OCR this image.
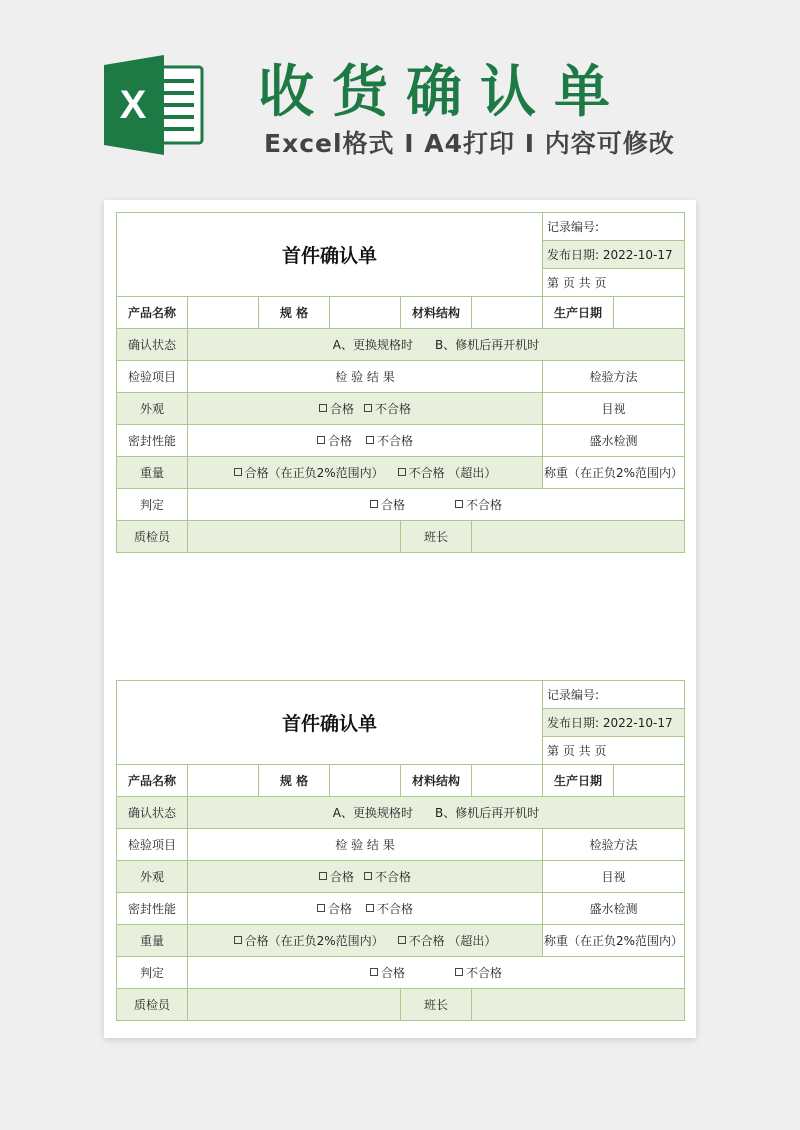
X 收货确认单
Excel格式 I A4打印 I 内容可修改
首件确认单						记录编号:	
						发布日期: 2022-10-17	
						第 页 共 页	
产品名称		规 格		材料结构		生产日期	
确认状态	A、更换规格时 B、修机后再开机时						
检验项目	检 验 结 果					检验方法	
外观	合格 不合格					目视	
密封性能	合格 不合格					盛水检测	
重量	合格（在正负2%范围内） 不合格 （超出）					称重（在正负2%范围内）	
判定	合格 不合格						
质检员				班长			
首件确认单						记录编号:	
						发布日期: 2022-10-17	
						第 页 共 页	
产品名称		规 格		材料结构		生产日期	
确认状态	A、更换规格时 B、修机后再开机时						
检验项目	检 验 结 果					检验方法	
外观	合格 不合格					目视	
密封性能	合格 不合格					盛水检测	
重量	合格（在正负2%范围内） 不合格 （超出）					称重（在正负2%范围内）	
判定	合格 不合格						
质检员				班长			
